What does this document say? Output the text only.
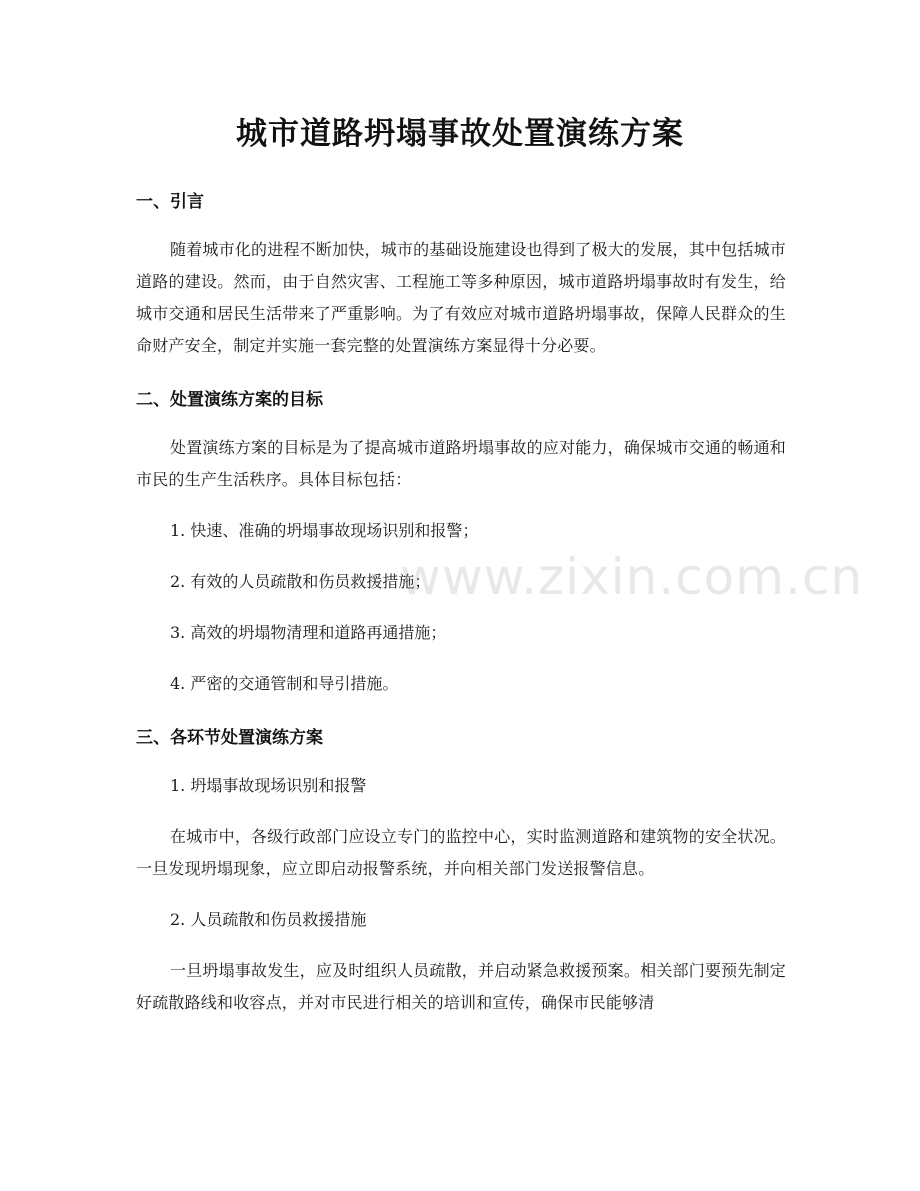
城市道路坍塌事故处置演练方案
一、引言

随着城市化的进程不断加快，城市的基础设施建设也得到了极大的发展，其中包括城市道路的建设。然而，由于自然灾害、工程施工等多种原因，城市道路坍塌事故时有发生，给城市交通和居民生活带来了严重影响。为了有效应对城市道路坍塌事故，保障人民群众的生命财产安全，制定并实施一套完整的处置演练方案显得十分必要。

二、处置演练方案的目标

处置演练方案的目标是为了提高城市道路坍塌事故的应对能力，确保城市交通的畅通和市民的生产生活秩序。具体目标包括：

1. 快速、准确的坍塌事故现场识别和报警；

2. 有效的人员疏散和伤员救援措施；

3. 高效的坍塌物清理和道路再通措施；

4. 严密的交通管制和导引措施。

三、各环节处置演练方案

1. 坍塌事故现场识别和报警

在城市中，各级行政部门应设立专门的监控中心，实时监测道路和建筑物的安全状况。一旦发现坍塌现象，应立即启动报警系统，并向相关部门发送报警信息。

2. 人员疏散和伤员救援措施

一旦坍塌事故发生，应及时组织人员疏散，并启动紧急救援预案。相关部门要预先制定好疏散路线和收容点，并对市民进行相关的培训和宣传，确保市民能够清

www.zixin.com.cn
